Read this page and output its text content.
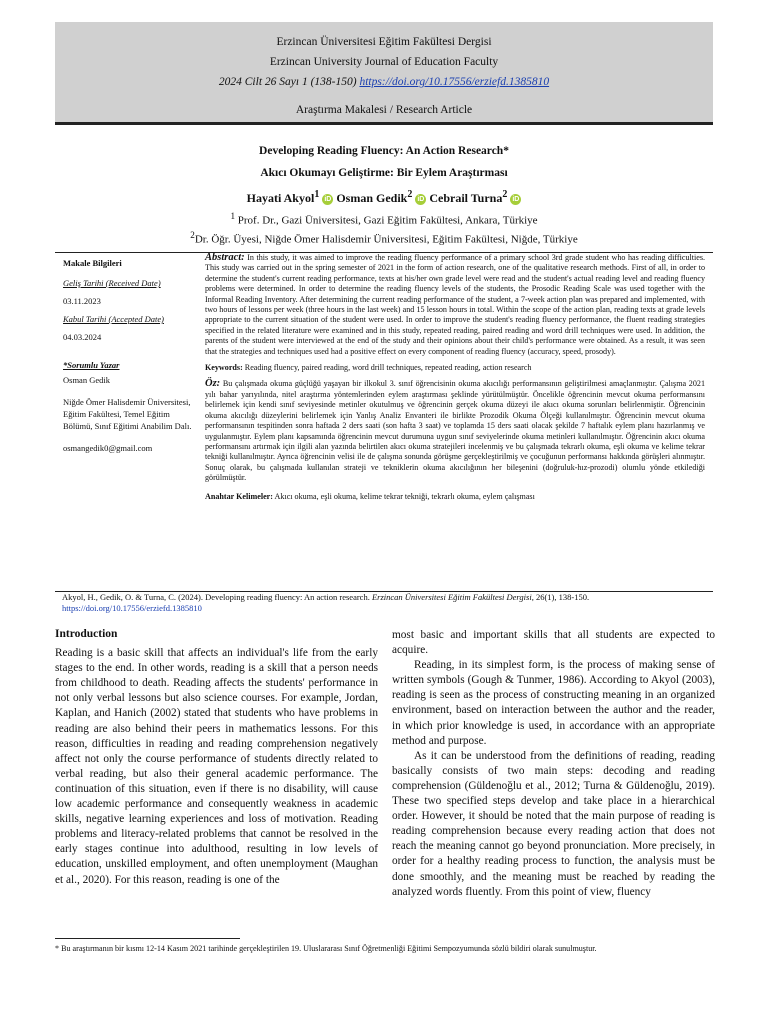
Erzincan Üniversitesi Eğitim Fakültesi Dergisi
Erzincan University Journal of Education Faculty
2024 Cilt 26 Sayı 1 (138-150) https://doi.org/10.17556/erziefd.1385810
Araştırma Makalesi / Research Article
Developing Reading Fluency: An Action Research*
Akıcı Okumayı Geliştirme: Bir Eylem Araştırması
Hayati Akyol$^1$ iD Osman Gedik$^2$ iD Cebrail Turna$^2$ iD
$^1$ Prof. Dr., Gazi Üniversitesi, Gazi Eğitim Fakültesi, Ankara, Türkiye
$^2$Dr. Öğr. Üyesi, Niğde Ömer Halisdemir Üniversitesi, Eğitim Fakültesi, Niğde, Türkiye

Makale Bilgileri

Geliş Tarihi (Received Date)

03.11.2023

Kabul Tarihi (Accepted Date)

04.03.2024

*Sorumlu Yazar

Osman Gedik

Niğde Ömer Halisdemir Üniversitesi, Eğitim Fakültesi, Temel Eğitim Bölümü, Sınıf Eğitimi Anabilim Dalı.

osmangedik0@gmail.com

Abstract: In this study, it was aimed to improve the reading fluency performance of a primary school 3rd grade student who has reading difficulties. This study was carried out in the spring semester of 2021 in the form of action research, one of the qualitative research methods. First of all, in order to determine the student's current reading performance, texts at his/her own grade level were read and the student's actual reading level and reading fluency problems were determined. In order to determine the reading fluency levels of the students, the Prosodic Reading Scale was used together with the Informal Reading Inventory. After determining the current reading performance of the student, a 7-week action plan was prepared and implemented, with two hours of lessons per week (three hours in the last week) and 15 lesson hours in total. Within the scope of the action plan, reading texts at grade levels appropriate to the current situation of the student were used. In order to improve the student's reading fluency performance, the fluent reading strategies specified in the related literature were examined and in this study, repeated reading, paired reading and word drill techniques were used. In addition, the parents of the student were interviewed at the end of the study and their opinions about their child's performance were obtained. As a result, it was seen that the strategies and techniques used had a positive effect on every component of reading fluency (accuracy, speed, prosody).

Keywords: Reading fluency, paired reading, word drill techniques, repeated reading, action research

Öz: Bu çalışmada okuma güçlüğü yaşayan bir ilkokul 3. sınıf öğrencisinin okuma akıcılığı performansının geliştirilmesi amaçlanmıştır. Çalışma 2021 yılı bahar yarıyılında, nitel araştırma yöntemlerinden eylem araştırması şeklinde yürütülmüştür. Öncelikle öğrencinin mevcut okuma performansını belirlemek için kendi sınıf seviyesinde metinler okutulmuş ve öğrencinin gerçek okuma düzeyi ile akıcı okuma sorunları belirlenmiştir. Öğrencinin okuma akıcılığı düzeylerini belirlemek için Yanlış Analiz Envanteri ile birlikte Prozodik Okuma Ölçeği kullanılmıştır. Öğrencinin mevcut okuma performansının tespitinden sonra haftada 2 ders saati (son hafta 3 saat) ve toplamda 15 ders saati olacak şekilde 7 haftalık eylem planı hazırlanmış ve uygulanmıştır. Eylem planı kapsamında öğrencinin mevcut durumuna uygun sınıf seviyelerinde okuma metinleri kullanılmıştır. Öğrencinin akıcı okuma performansını artırmak için ilgili alan yazında belirtilen akıcı okuma stratejileri incelenmiş ve bu çalışmada tekrarlı okuma, eşli okuma ve kelime tekrar tekniği kullanılmıştır. Ayrıca öğrencinin velisi ile de çalışma sonunda görüşme gerçekleştirilmiş ve çocuğunun performansı hakkında görüşleri alınmıştır. Sonuç olarak, bu çalışmada kullanılan strateji ve tekniklerin okuma akıcılığının her bileşenini (doğruluk-hız-prozodi) olumlu yönde etkilediği görülmüştür.

Anahtar Kelimeler: Akıcı okuma, eşli okuma, kelime tekrar tekniği, tekrarlı okuma, eylem çalışması

Akyol, H., Gedik, O. & Turna, C. (2024). Developing reading fluency: An action research. Erzincan Üniversitesi Eğitim Fakültesi Dergisi, 26(1), 138-150.
https://doi.org/10.17556/erziefd.1385810
Introduction

Reading is a basic skill that affects an individual's life from the early stages to the end. In other words, reading is a skill that a person needs from childhood to death. Reading affects the students' performance in not only verbal lessons but also science courses. For example, Jordan, Kaplan, and Hanich (2002) stated that students who have problems in reading are also behind their peers in mathematics lessons. For this reason, difficulties in reading and reading comprehension negatively affect not only the course performance of students directly related to verbal reading, but also their general academic performance. The continuation of this situation, even if there is no disability, will cause low academic performance and consequently weakness in academic skills, negative learning experiences and loss of motivation. Reading problems and literacy-related problems that cannot be resolved in the early stages continue into adulthood, resulting in low levels of education, unskilled employment, and often unemployment (Maughan et al., 2020). For this reason, reading is one of the

most basic and important skills that all students are expected to acquire.

Reading, in its simplest form, is the process of making sense of written symbols (Gough & Tunmer, 1986). According to Akyol (2003), reading is seen as the process of constructing meaning in an organized environment, based on interaction between the author and the reader, in which prior knowledge is used, in accordance with an appropriate method and purpose.

As it can be understood from the definitions of reading, reading basically consists of two main steps: decoding and reading comprehension (Güldenoğlu et al., 2012; Turna & Güldenoğlu, 2019). These two specified steps develop and take place in a hierarchical order. However, it should be noted that the main purpose of reading is reading comprehension because every reading action that does not reach the meaning cannot go beyond pronunciation. More precisely, in order for a healthy reading process to function, the analysis must be done smoothly, and the meaning must be reached by reading the analyzed words fluently. From this point of view, fluency

* Bu araştırmanın bir kısmı 12-14 Kasım 2021 tarihinde gerçekleştirilen 19. Uluslararası Sınıf Öğretmenliği Eğitimi Sempozyumunda sözlü bildiri olarak sunulmuştur.
